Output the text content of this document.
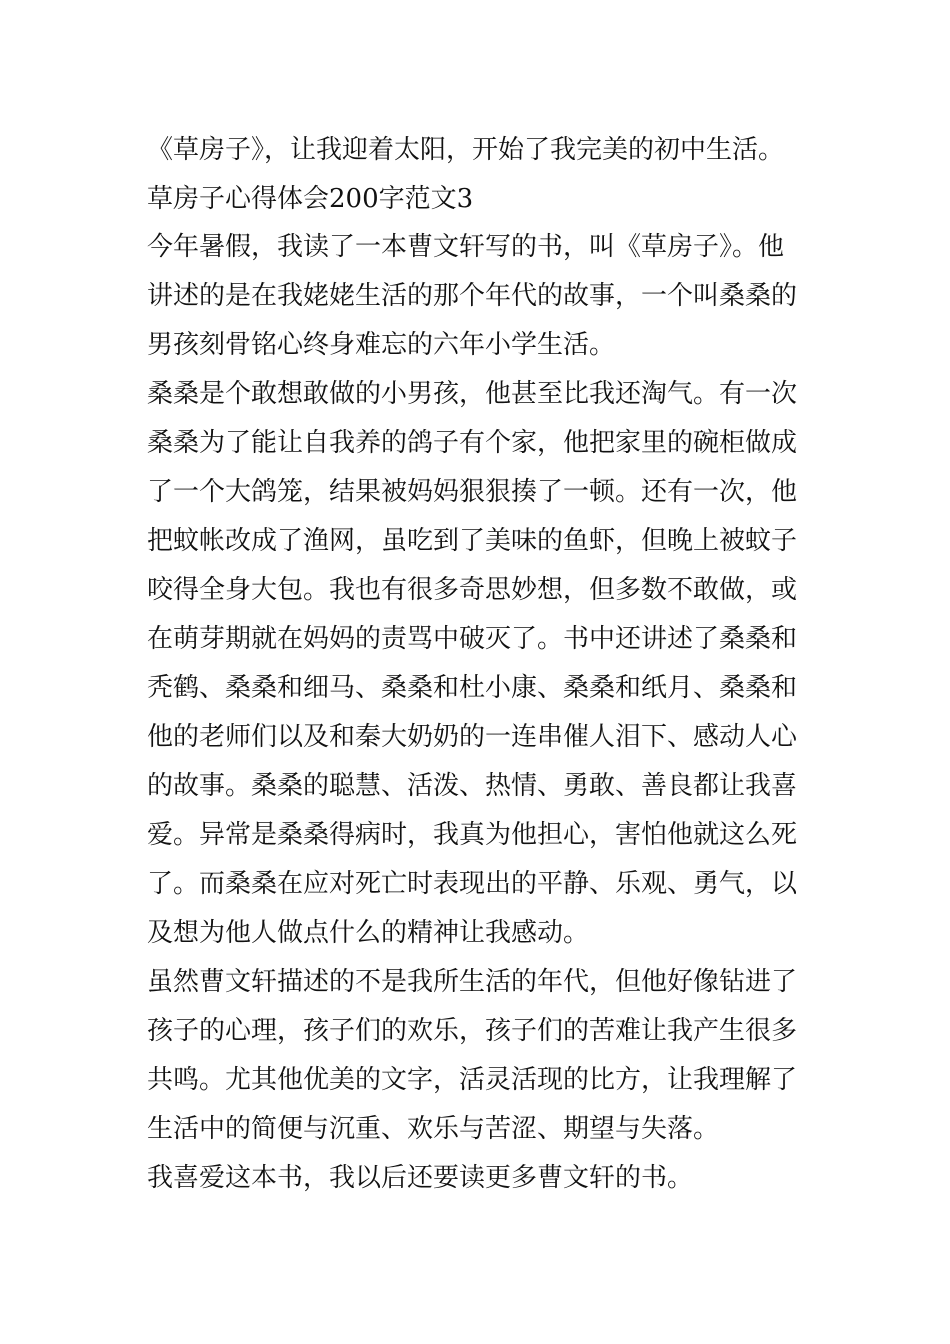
《草房子》，让我迎着太阳，开始了我完美的初中生活。
草房子心得体会200字范文3
今年暑假，我读了一本曹文轩写的书，叫《草房子》。他
讲述的是在我姥姥生活的那个年代的故事，一个叫桑桑的
男孩刻骨铭心终身难忘的六年小学生活。
桑桑是个敢想敢做的小男孩，他甚至比我还淘气。有一次
桑桑为了能让自我养的鸽子有个家，他把家里的碗柜做成
了一个大鸽笼，结果被妈妈狠狠揍了一顿。还有一次，他
把蚊帐改成了渔网，虽吃到了美味的鱼虾，但晚上被蚊子
咬得全身大包。我也有很多奇思妙想，但多数不敢做，或
在萌芽期就在妈妈的责骂中破灭了。书中还讲述了桑桑和
秃鹤、桑桑和细马、桑桑和杜小康、桑桑和纸月、桑桑和
他的老师们以及和秦大奶奶的一连串催人泪下、感动人心
的故事。桑桑的聪慧、活泼、热情、勇敢、善良都让我喜
爱。异常是桑桑得病时，我真为他担心，害怕他就这么死
了。而桑桑在应对死亡时表现出的平静、乐观、勇气，以
及想为他人做点什么的精神让我感动。
虽然曹文轩描述的不是我所生活的年代，但他好像钻进了
孩子的心理，孩子们的欢乐，孩子们的苦难让我产生很多
共鸣。尤其他优美的文字，活灵活现的比方，让我理解了
生活中的简便与沉重、欢乐与苦涩、期望与失落。
我喜爱这本书，我以后还要读更多曹文轩的书。
